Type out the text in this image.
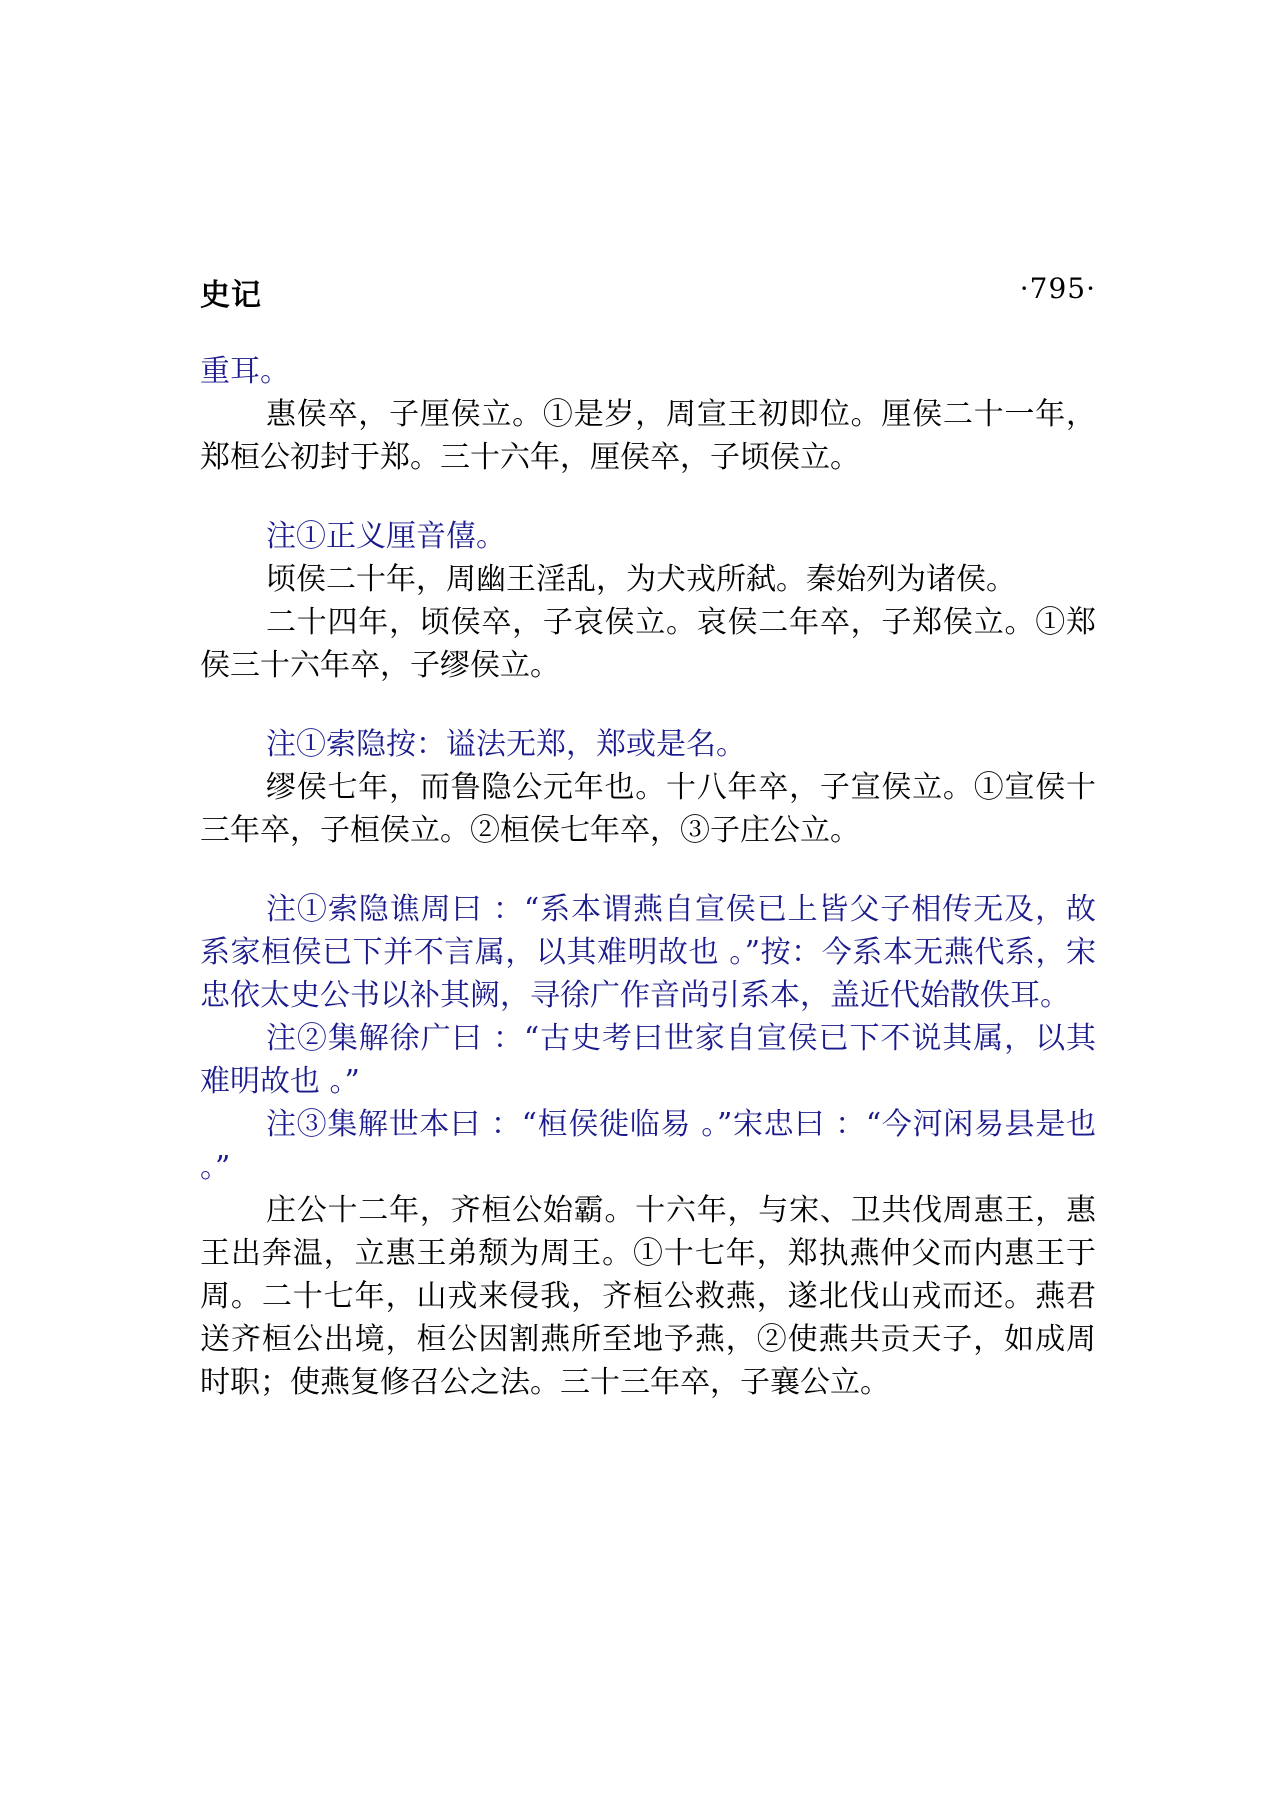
史记	·795·

重耳。

惠侯卒，子厘侯立。①是岁，周宣王初即位。厘侯二十一年，郑桓公初封于郑。三十六年，厘侯卒，子顷侯立。

注①正义厘音僖。

顷侯二十年，周幽王淫乱，为犬戎所弑。秦始列为诸侯。

二十四年，顷侯卒，子哀侯立。哀侯二年卒，子郑侯立。①郑侯三十六年卒，子缪侯立。

注①索隐按：谥法无郑，郑或是名。

缪侯七年，而鲁隐公元年也。十八年卒，子宣侯立。①宣侯十三年卒，子桓侯立。②桓侯七年卒，③子庄公立。

注①索隐谯周曰 ：“系本谓燕自宣侯已上皆父子相传无及，故系家桓侯已下并不言属，以其难明故也 。”按：今系本无燕代系，宋忠依太史公书以补其阙，寻徐广作音尚引系本，盖近代始散佚耳。

注②集解徐广曰 ：“古史考曰世家自宣侯已下不说其属，以其难明故也 。”

注③集解世本曰 ：“桓侯徙临易 。”宋忠曰 ：“今河闲易县是也 。”

庄公十二年，齐桓公始霸。十六年，与宋、卫共伐周惠王，惠王出奔温，立惠王弟颓为周王。①十七年，郑执燕仲父而内惠王于周。二十七年，山戎来侵我，齐桓公救燕，遂北伐山戎而还。燕君送齐桓公出境，桓公因割燕所至地予燕，②使燕共贡天子，如成周时职；使燕复修召公之法。三十三年卒，子襄公立。
